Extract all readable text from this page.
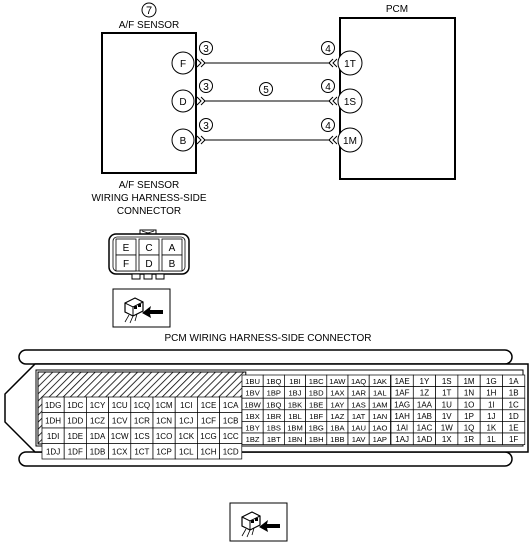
7
A/F SENSOR
PCM
F	1T
3	4
D	1S
3	4
5
B	1M
3	4
A/F SENSOR
WIRING HARNESS-SIDE
CONNECTOR
E C A
F D B
PCM WIRING HARNESS-SIDE CONNECTOR
1DG 1DC 1CY 1CU 1CQ 1CM 1CI 1CE 1CA
1DH 1DD 1CZ 1CV 1CR 1CN 1CJ 1CF 1CB
1DI 1DE 1DA 1CW 1CS 1CO 1CK 1CG 1CC
1DJ 1DF 1DB 1CX 1CT 1CP 1CL 1CH 1CD
1BU 1BQ 1BI 1BC 1AW 1AQ 1AK
1BV 1BP 1BJ 1BD 1AX 1AR 1AL
1BW 1BQ 1BK 1BE 1AY 1AS 1AM
1BX 1BR 1BL 1BF 1AZ 1AT 1AN
1BY 1BS 1BM 1BG 1BA 1AU 1AO
1BZ 1BT 1BN 1BH 1BB 1AV 1AP
1AE 1Y 1S 1M 1G 1A
1AF 1Z 1T 1N 1H 1B
1AG 1AA 1U 1O 1I 1C
1AH 1AB 1V 1P 1J 1D
1AI 1AC 1W 1Q 1K 1E
1AJ 1AD 1X 1R 1L 1F
